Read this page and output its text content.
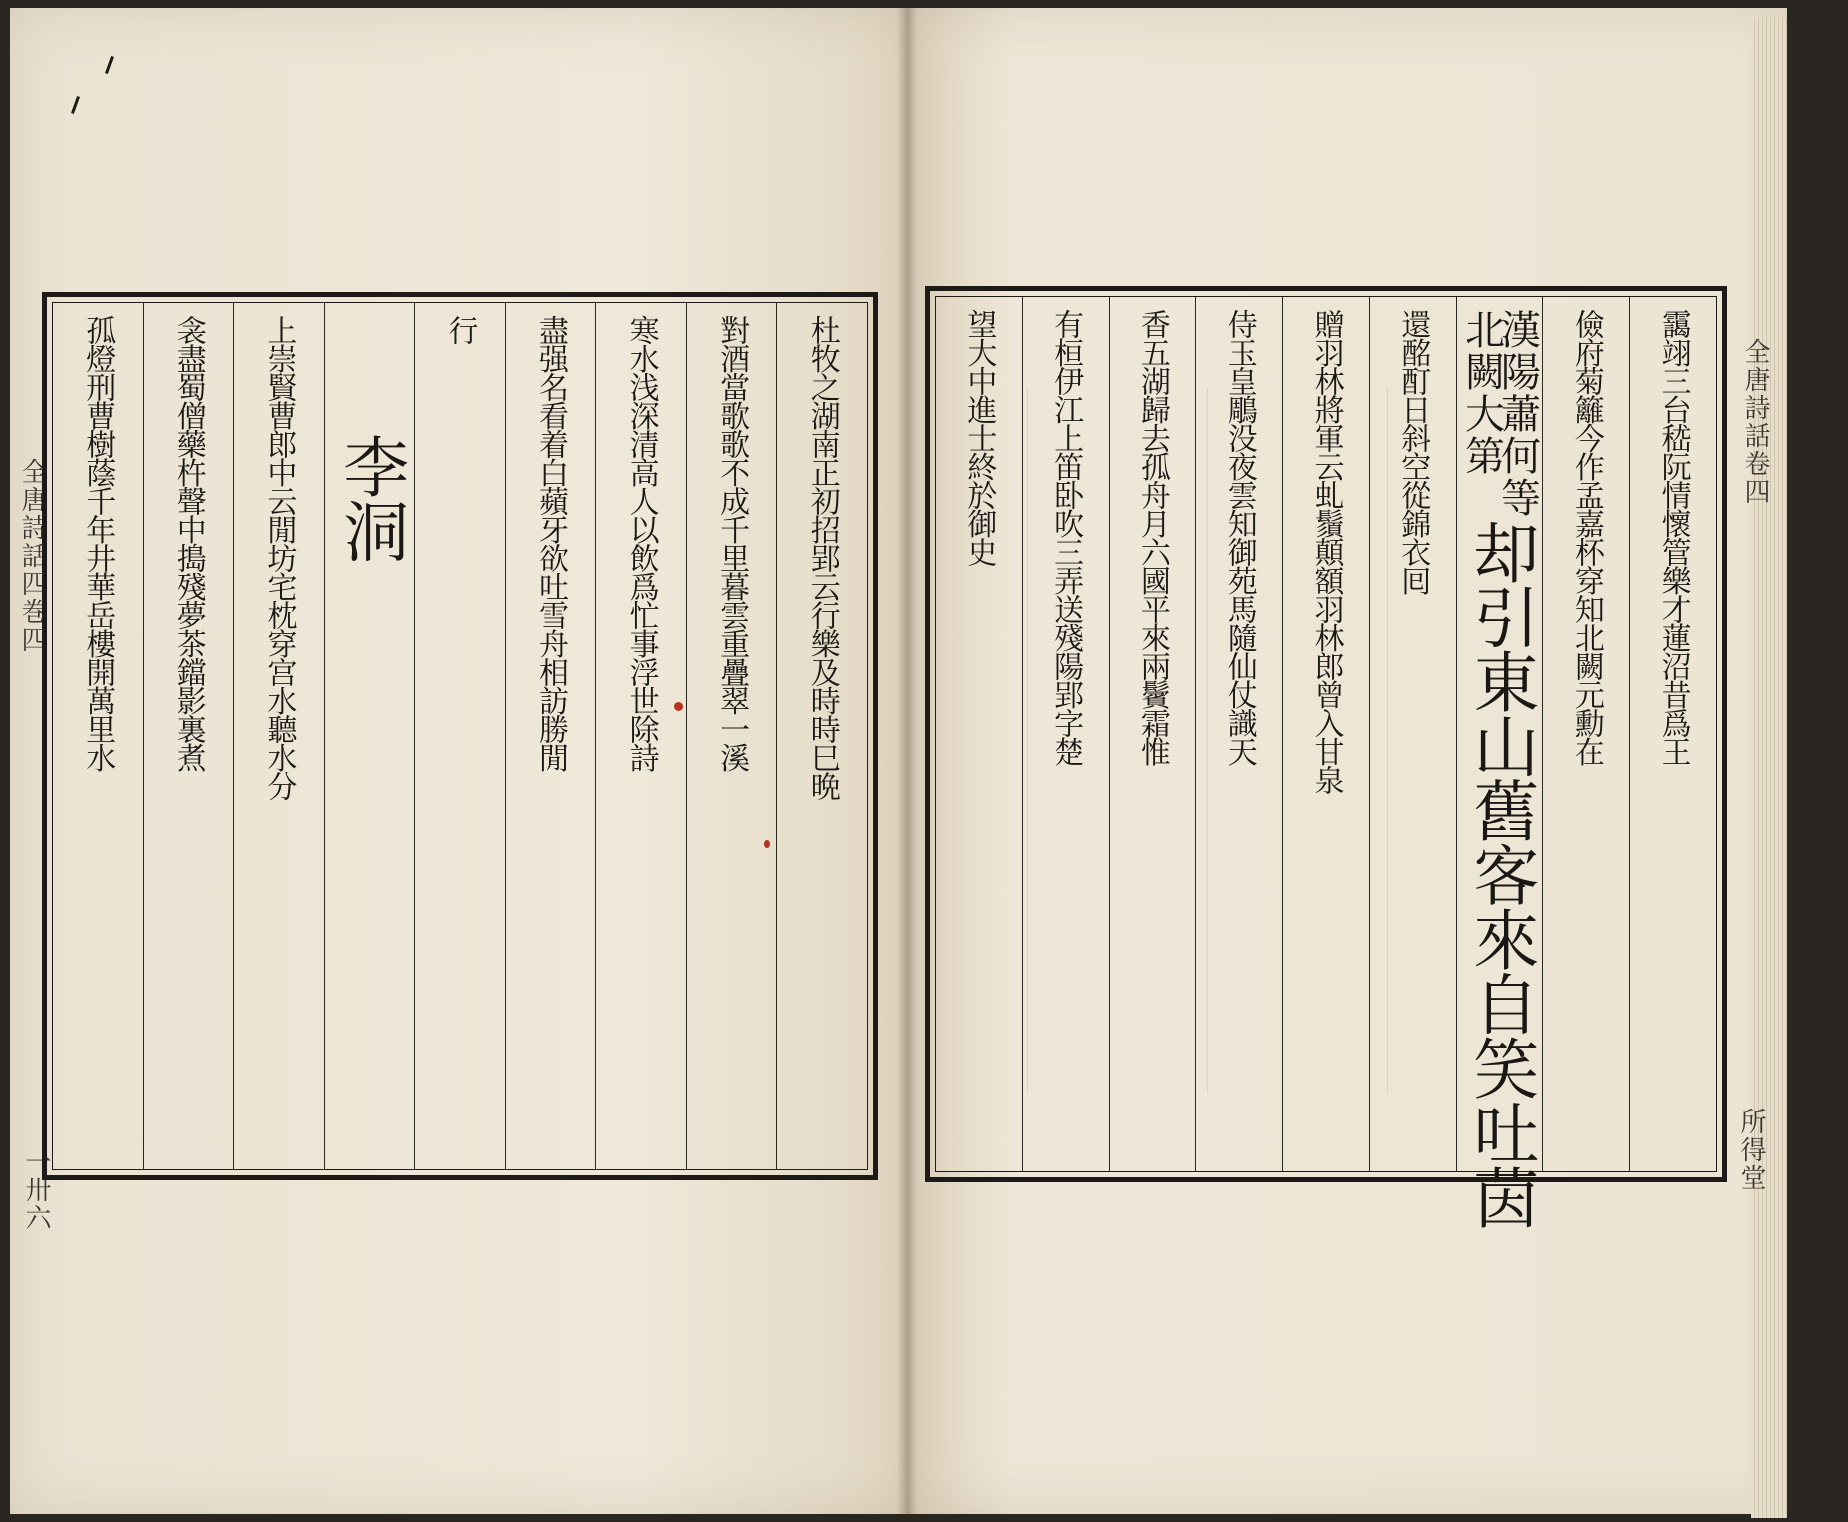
全唐詩話四巻四
一卅六
杜牧之湖南正初招郢云行樂及時時巳晩
對酒當歌歌不成千里暮雲重疊翠一溪
寒水浅深清高人以飲爲忙事浮世除詩
盡强名看着白蘋牙欲吐雪舟相訪勝閒
行
李洞
上崇賢曹郎中云閒坊宅枕穿宫水聽水分
衾盡蜀僧藥杵聲中搗殘夢茶鐺影裏煮
孤燈刑曹樹蔭千年井華岳樓開萬里水	全唐詩話卷四
所得堂
靄翊三台嵇阮情懷管樂才蓮沼昔爲王
儉府菊籬今作孟嘉杯穿知北闕元勳在
漢陽蕭何等
北闕大第
却引東山舊客來自笑吐茵
還酩酊日斜空從錦衣囘
贈羽林將軍云虬鬚顛額羽林郎曾入甘泉
侍玉皇鵰没夜雲知御苑馬隨仙仗識天
香五湖歸去孤舟月六國平來兩鬢霜惟
有桓伊江上笛卧吹三弄送殘陽郢字楚
望大中進士終於御史
